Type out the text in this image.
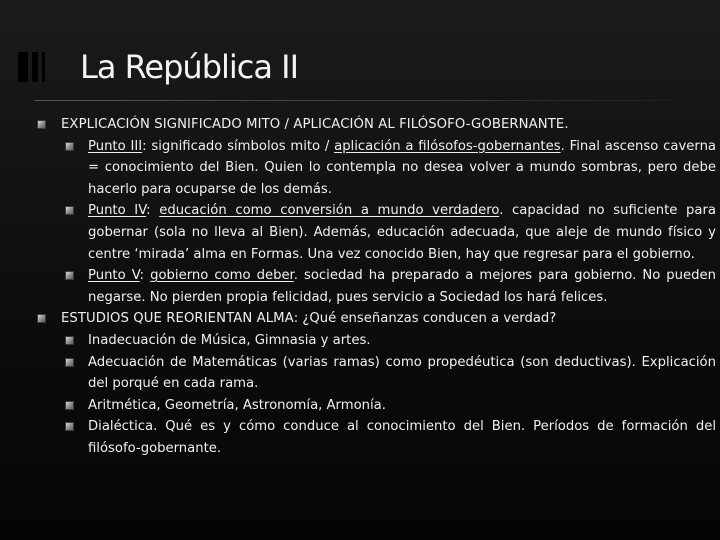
La República II
EXPLICACIÓN SIGNIFICADO MITO / APLICACIÓN AL FILÓSOFO-GOBERNANTE.
Punto III: significado símbolos mito / aplicación a filósofos-gobernantes. Final ascenso caverna = conocimiento del Bien. Quien lo contempla no desea volver a mundo sombras, pero debe hacerlo para ocuparse de los demás.
Punto IV: educación como conversión a mundo verdadero. capacidad no suficiente para gobernar (sola no lleva al Bien). Además, educación adecuada, que aleje de mundo físico y centre ‘mirada’ alma en Formas. Una vez conocido Bien, hay que regresar para el gobierno.
Punto V: gobierno como deber. sociedad ha preparado a mejores para gobierno. No pueden negarse. No pierden propia felicidad, pues servicio a Sociedad los hará felices.
ESTUDIOS QUE REORIENTAN ALMA: ¿Qué enseñanzas conducen a verdad?
Inadecuación de Música, Gimnasia y artes.
Adecuación de Matemáticas (varias ramas) como propedéutica (son deductivas). Explicación del porqué en cada rama.
Aritmética, Geometría, Astronomía, Armonía.
Dialéctica. Qué es y cómo conduce al conocimiento del Bien. Períodos de formación del filósofo-gobernante.
